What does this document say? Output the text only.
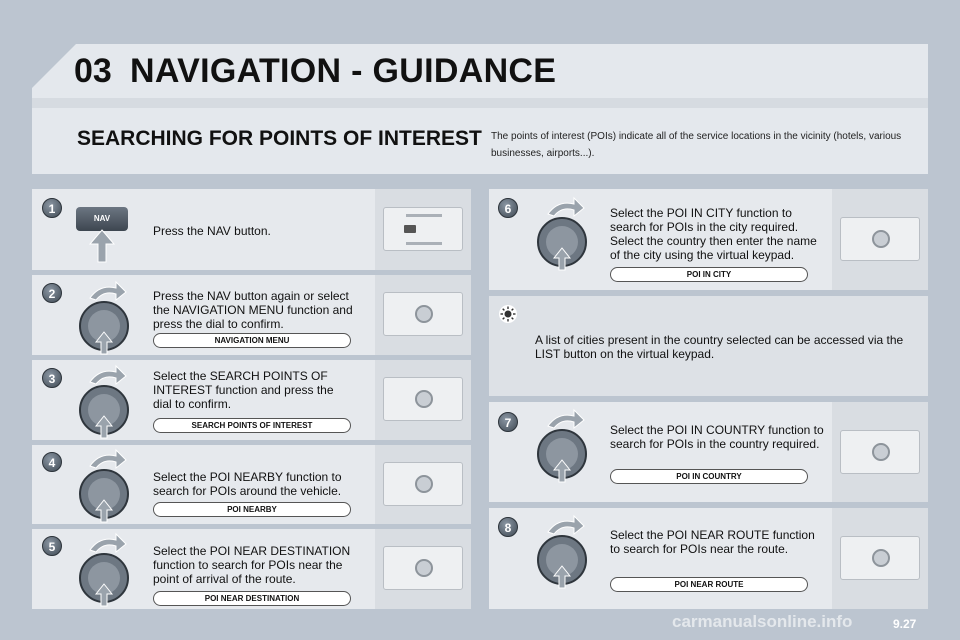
03 NAVIGATION - GUIDANCE
SEARCHING FOR POINTS OF INTEREST The points of interest (POIs) indicate all of the service locations in the vicinity (hotels, various businesses, airports...).
1
NAV
Press the NAV button.
2	Press the NAV button again or select the NAVIGATION MENU function and press the dial to confirm.
NAVIGATION MENU
3	Select the SEARCH POINTS OF INTEREST function and press the dial to confirm.
SEARCH POINTS OF INTEREST
4
Select the POI NEARBY function to search for POIs around the vehicle.
POI NEARBY
5	Select the POI NEAR DESTINATION function to search for POIs near the point of arrival of the route.
POI NEAR DESTINATION
6	Select the POI IN CITY function to search for POIs in the city required. Select the country then enter the name of the city using the virtual keypad.
POI IN CITY
A list of cities present in the country selected can be accessed via the LIST button on the virtual keypad.
7	Select the POI IN COUNTRY function to search for POIs in the country required.
POI IN COUNTRY
8	Select the POI NEAR ROUTE function to search for POIs near the route.
POI NEAR ROUTE
carmanualsonline.info	9.27
